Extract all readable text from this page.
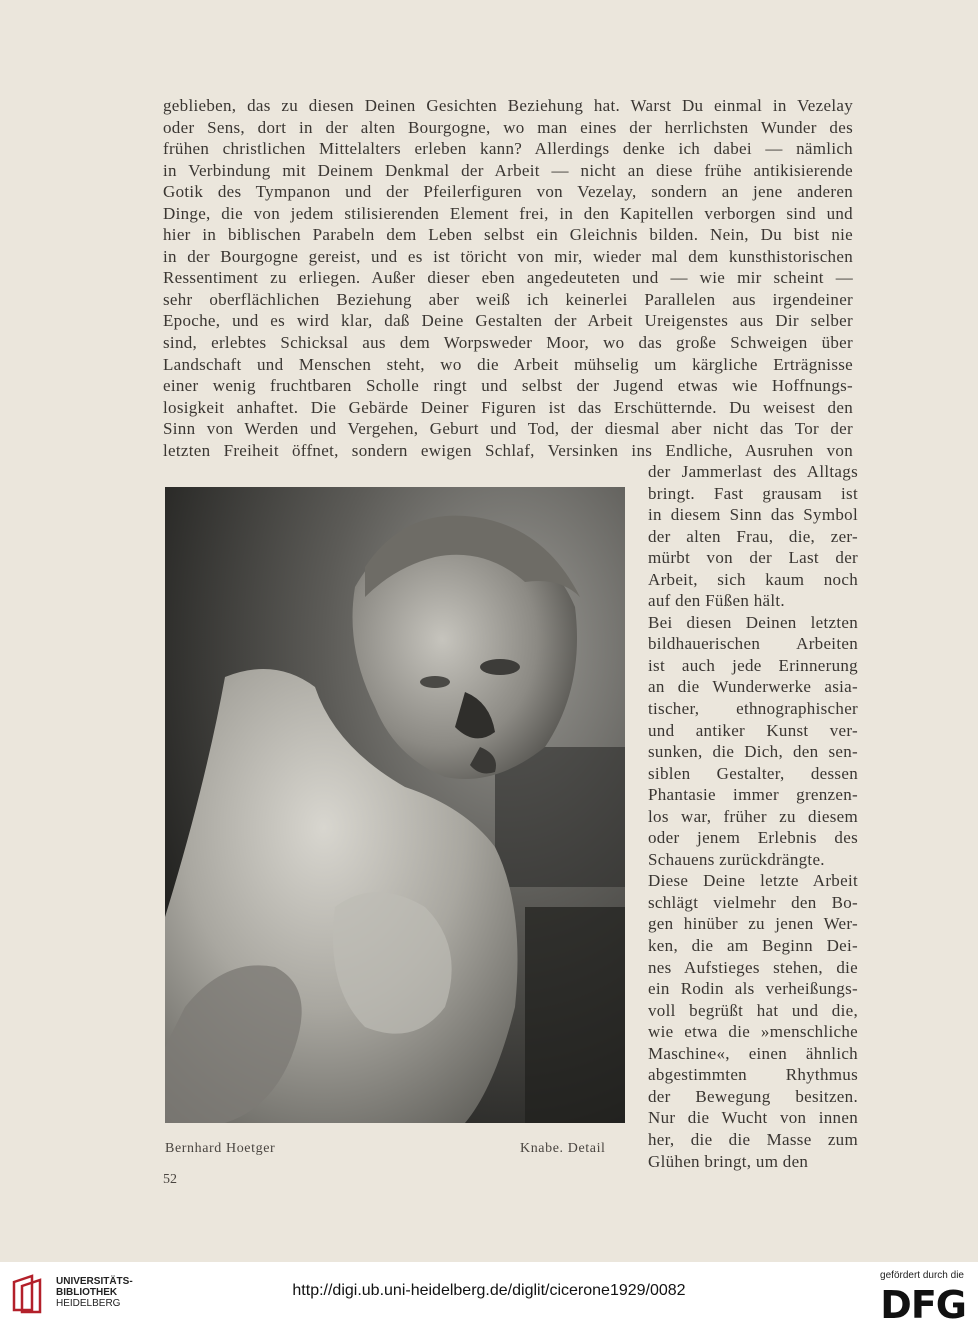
geblieben, das zu diesen Deinen Gesichten Beziehung hat. Warst Du einmal in Vezelay
oder Sens, dort in der alten Bourgogne, wo man eines der herrlichsten Wunder des
frühen christlichen Mittelalters erleben kann? Allerdings denke ich dabei — nämlich
in Verbindung mit Deinem Denkmal der Arbeit — nicht an diese frühe antikisierende
Gotik des Tympanon und der Pfeilerfiguren von Vezelay, sondern an jene anderen
Dinge, die von jedem stilisierenden Element frei, in den Kapitellen verborgen sind und
hier in biblischen Parabeln dem Leben selbst ein Gleichnis bilden. Nein, Du bist nie
in der Bourgogne gereist, und es ist töricht von mir, wieder mal dem kunsthistorischen
Ressentiment zu erliegen. Außer dieser eben angedeuteten und — wie mir scheint —
sehr oberflächlichen Beziehung aber weiß ich keinerlei Parallelen aus irgendeiner
Epoche, und es wird klar, daß Deine Gestalten der Arbeit Ureigenstes aus Dir selber
sind, erlebtes Schicksal aus dem Worpsweder Moor, wo das große Schweigen über
Landschaft und Menschen steht, wo die Arbeit mühselig um kärgliche Erträgnisse
einer wenig fruchtbaren Scholle ringt und selbst der Jugend etwas wie Hoffnungs-
losigkeit anhaftet. Die Gebärde Deiner Figuren ist das Erschütternde. Du weisest den
Sinn von Werden und Vergehen, Geburt und Tod, der diesmal aber nicht das Tor der
letzten Freiheit öffnet, sondern ewigen Schlaf, Versinken ins Endliche, Ausruhen von
der Jammerlast des Alltags
bringt. Fast grausam ist
in diesem Sinn das Symbol
der alten Frau, die, zer-
mürbt von der Last der
Arbeit, sich kaum noch
auf den Füßen hält.
Bei diesen Deinen letzten
bildhauerischen Arbeiten
ist auch jede Erinnerung
an die Wunderwerke asia-
tischer, ethnographischer
und antiker Kunst ver-
sunken, die Dich, den sen-
siblen Gestalter, dessen
Phantasie immer grenzen-
los war, früher zu diesem
oder jenem Erlebnis des
Schauens zurückdrängte.
Diese Deine letzte Arbeit
schlägt vielmehr den Bo-
gen hinüber zu jenen Wer-
ken, die am Beginn Dei-
nes Aufstieges stehen, die
ein Rodin als verheißungs-
voll begrüßt hat und die,
wie etwa die »menschliche
Maschine«, einen ähnlich
abgestimmten Rhythmus
der Bewegung besitzen.
Nur die Wucht von innen
her, die die Masse zum
Glühen bringt, um den
Bernhard Hoetger	Knabe. Detail
52
UNIVERSITÄTS-
BIBLIOTHEK
HEIDELBERG
http://digi.ub.uni-heidelberg.de/diglit/cicerone1929/0082
gefördert durch die
DFG
